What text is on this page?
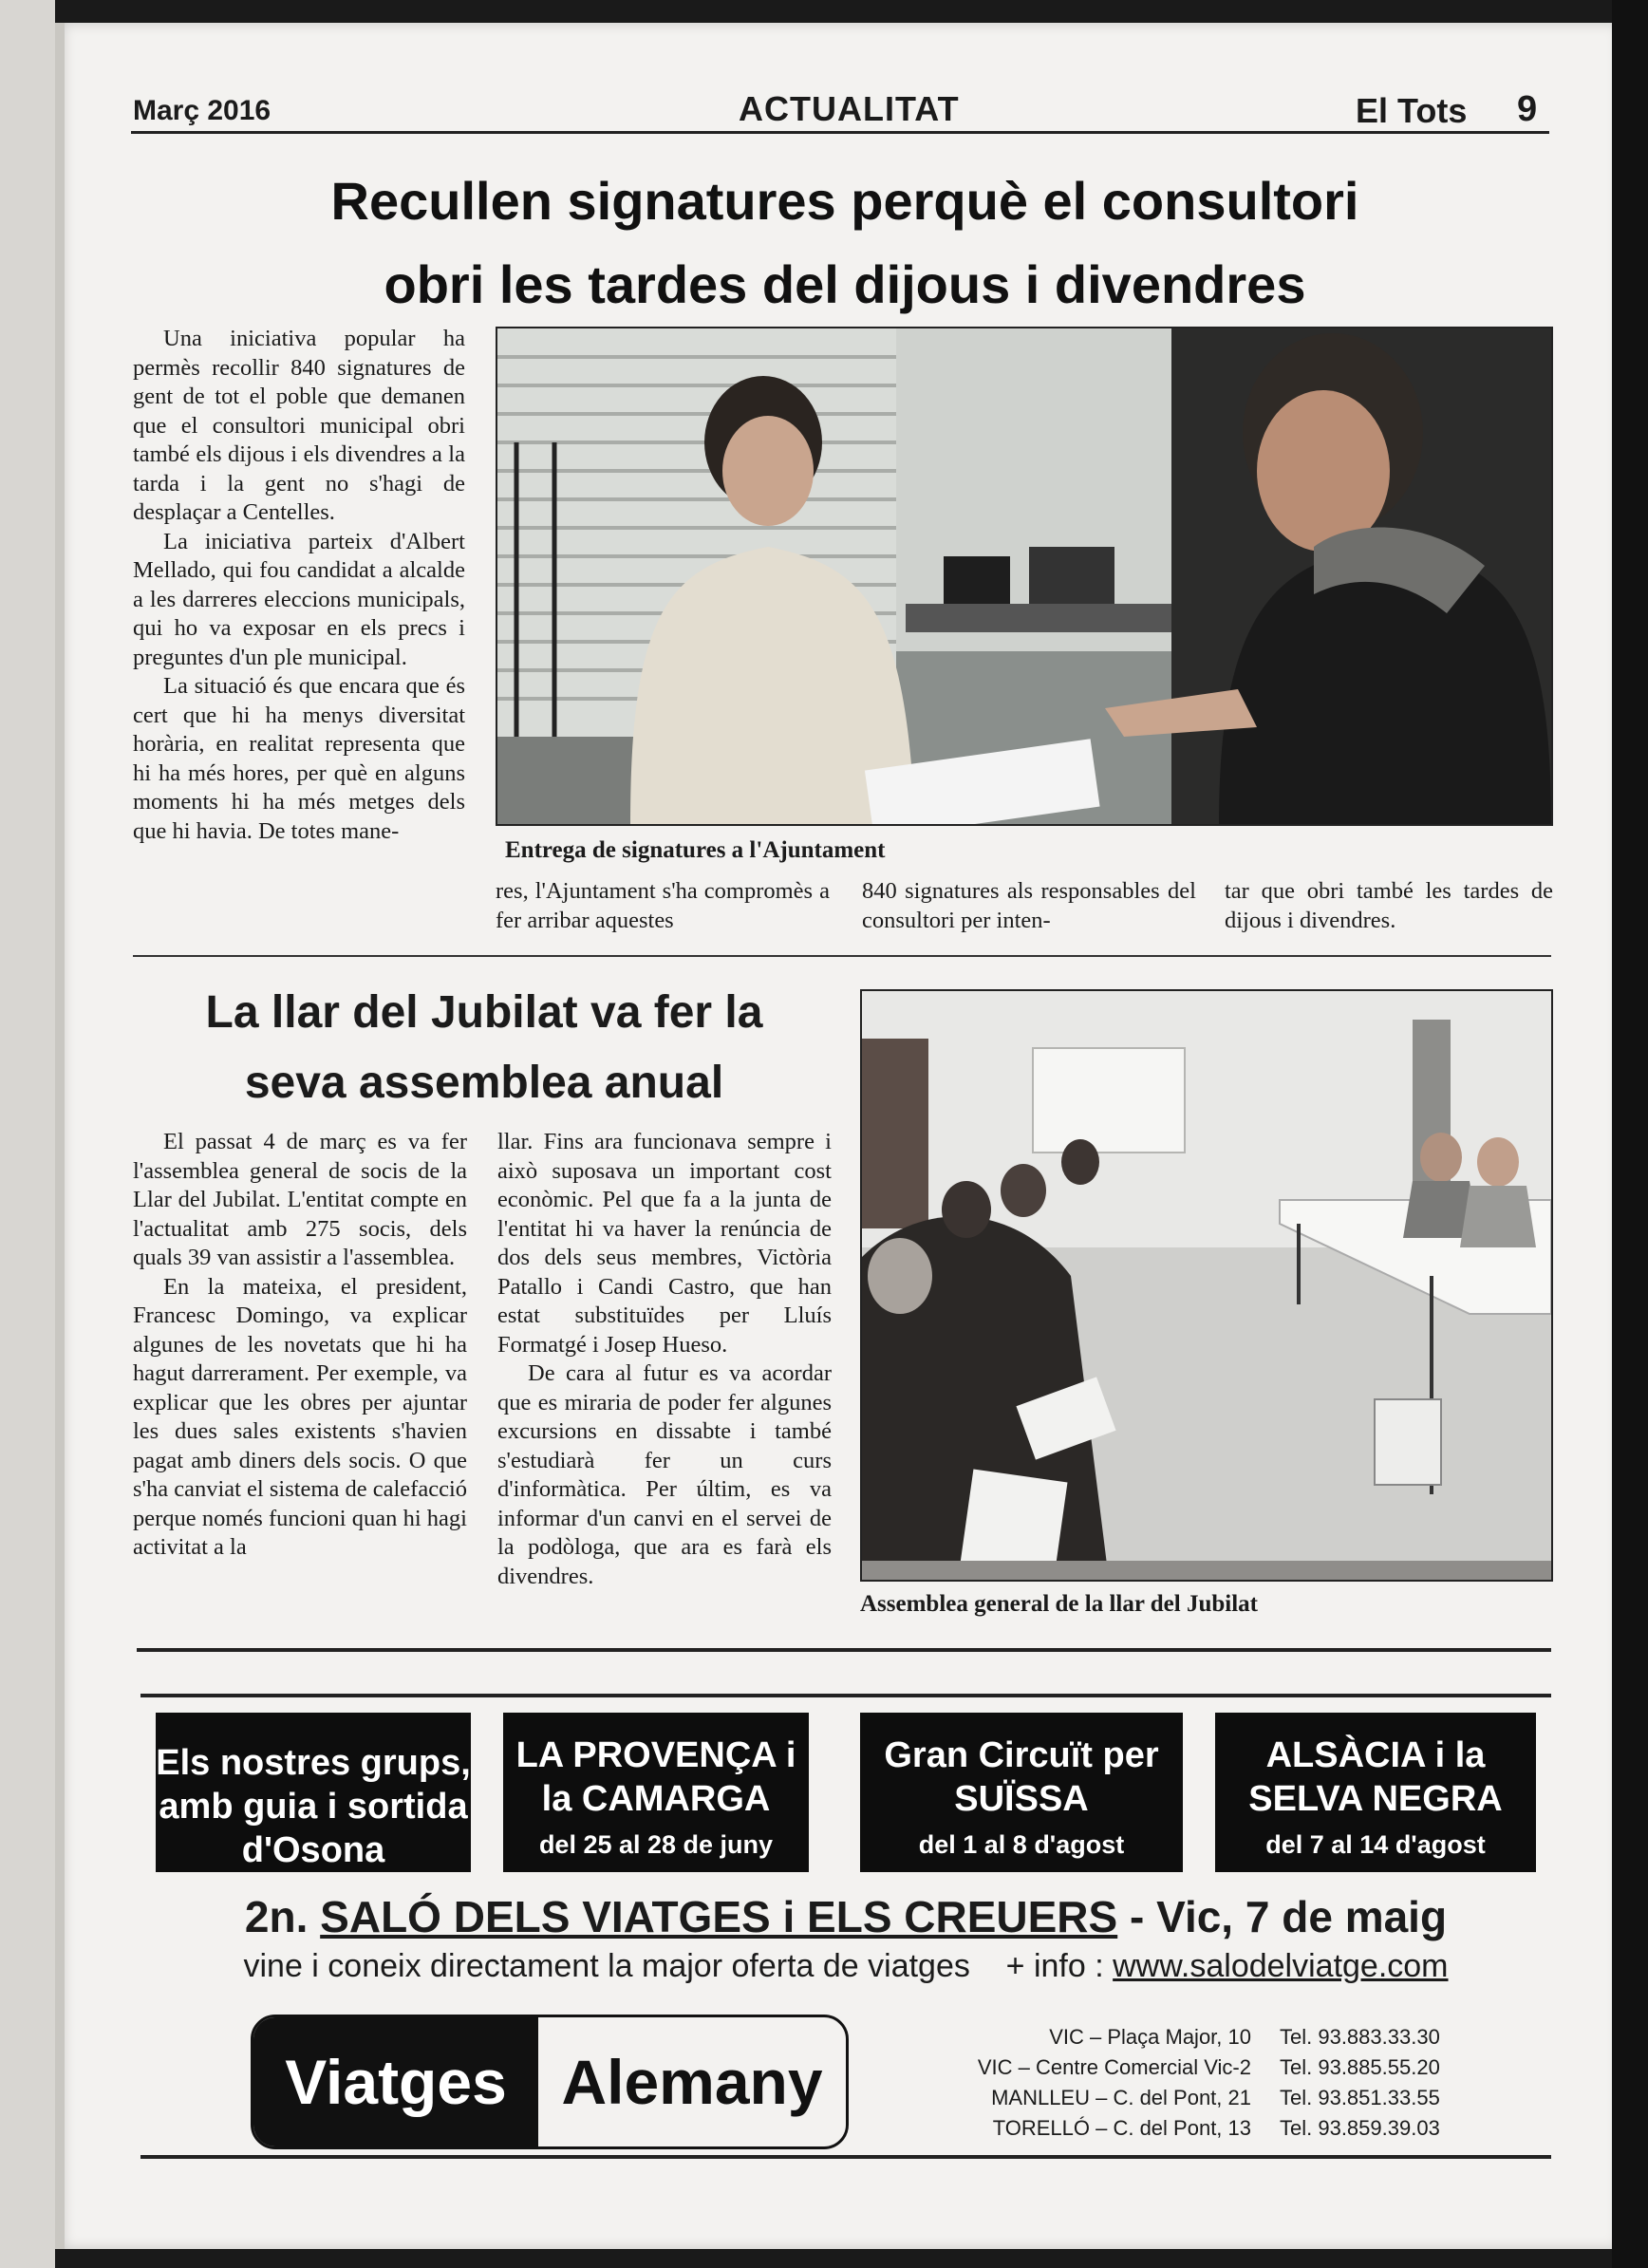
Març 2016	ACTUALITAT	El Tots 9
Recullen signatures perquè el consultori
obri les tardes del dijous i divendres

Una iniciativa popular ha permès recollir 840 signatures de gent de tot el poble que demanen que el consultori municipal obri també els dijous i els divendres a la tarda i la gent no s'hagi de desplaçar a Centelles.

La iniciativa parteix d'Albert Mellado, qui fou candidat a alcalde a les darreres eleccions municipals, qui ho va exposar en els precs i preguntes d'un ple municipal.

La situació és que encara que és cert que hi ha menys diversitat horària, en realitat representa que hi ha més hores, per què en alguns moments hi ha més metges dels que hi havia. De totes mane-

Entrega de signatures a l'Ajuntament

res, l'Ajuntament s'ha compromès a fer arribar aquestes

840 signatures als responsables del consultori per inten-

tar que obri també les tardes de dijous i divendres.

La llar del Jubilat va fer la
seva assemblea anual

El passat 4 de març es va fer l'assemblea general de socis de la Llar del Jubilat. L'entitat compte en l'actualitat amb 275 socis, dels quals 39 van assistir a l'assemblea.

En la mateixa, el president, Francesc Domingo, va explicar algunes de les novetats que hi ha hagut darrerament. Per exemple, va explicar que les obres per ajuntar les dues sales existents s'havien pagat amb diners dels socis. O que s'ha canviat el sistema de calefacció perque només funcioni quan hi hagi activitat a la

llar. Fins ara funcionava sempre i això suposava un important cost econòmic. Pel que fa a la junta de l'entitat hi va haver la renúncia de dos dels seus membres, Victòria Patallo i Candi Castro, que han estat substituïdes per Lluís Formatgé i Josep Hueso.

De cara al futur es va acordar que es miraria de poder fer algunes excursions en dissabte i també s'estudiarà fer un curs d'informàtica. Per últim, es va informar d'un canvi en el servei de la podòloga, que ara es farà els divendres.

Assemblea general de la llar del Jubilat
Els nostres grups, amb guia i sortida d'Osona
LA PROVENÇA i la CAMARGA
del 25 al 28 de juny
Gran Circuït per SUÏSSA
del 1 al 8 d'agost
ALSÀCIA i la SELVA NEGRA
del 7 al 14 d'agost
2n. SALÓ DELS VIATGES i ELS CREUERS - Vic, 7 de maig
vine i coneix directament la major oferta de viatges    + info : www.salodelviatge.com
Viatges Alemany
VIC – Plaça Major, 10	Tel. 93.883.33.30
VIC – Centre Comercial Vic-2	Tel. 93.885.55.20
MANLLEU – C. del Pont, 21	Tel. 93.851.33.55
TORELLÓ – C. del Pont, 13	Tel. 93.859.39.03
